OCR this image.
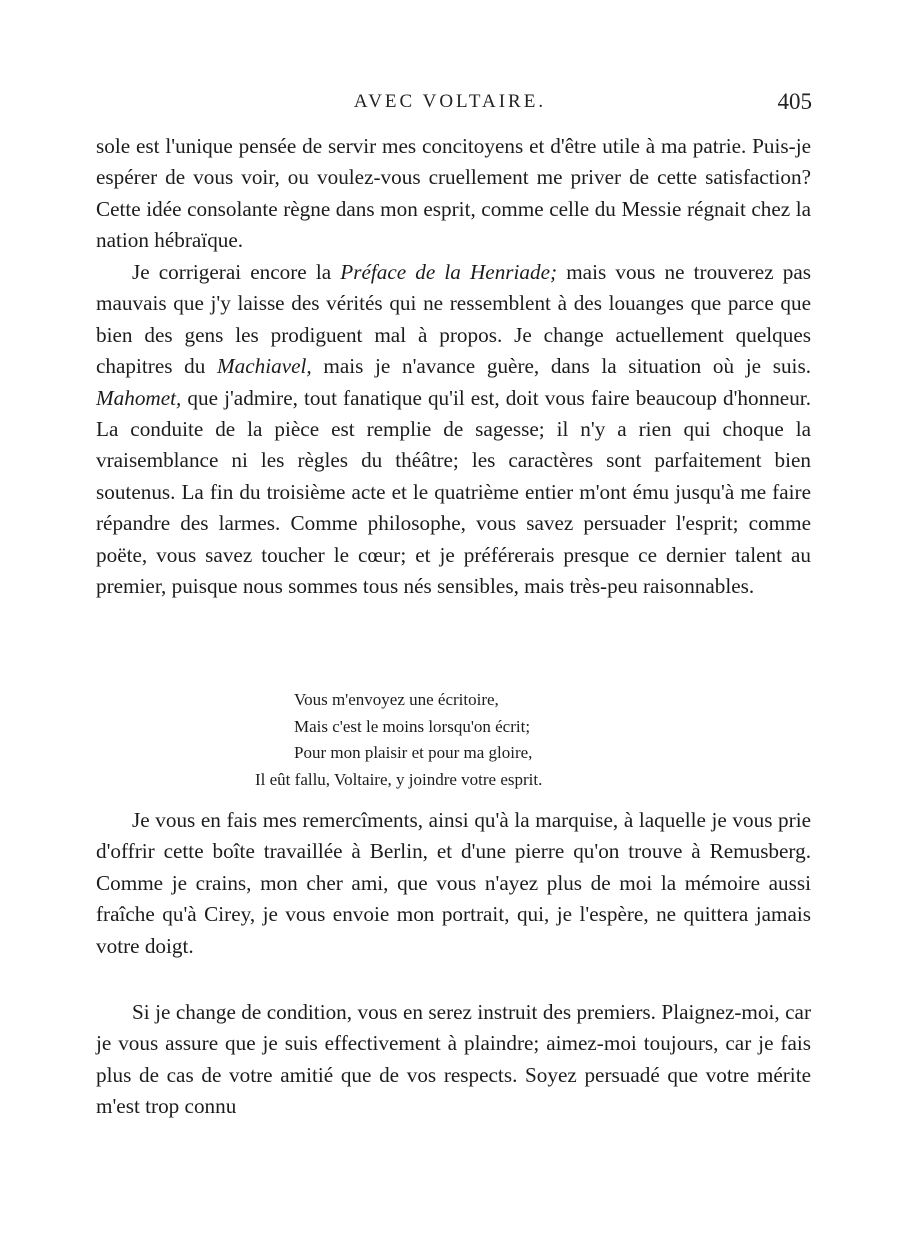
AVEC VOLTAIRE.	405

sole est l'unique pensée de servir mes concitoyens et d'être utile à ma patrie. Puis-je espérer de vous voir, ou voulez-vous cruellement me priver de cette satisfaction? Cette idée consolante règne dans mon esprit, comme celle du Messie régnait chez la nation hébraïque.

Je corrigerai encore la Préface de la Henriade; mais vous ne trouverez pas mauvais que j'y laisse des vérités qui ne ressemblent à des louanges que parce que bien des gens les prodiguent mal à propos. Je change actuellement quelques chapitres du Machiavel, mais je n'avance guère, dans la situation où je suis. Mahomet, que j'admire, tout fanatique qu'il est, doit vous faire beaucoup d'honneur. La conduite de la pièce est remplie de sagesse; il n'y a rien qui choque la vraisemblance ni les règles du théâtre; les caractères sont parfaitement bien soutenus. La fin du troisième acte et le quatrième entier m'ont ému jusqu'à me faire répandre des larmes. Comme philosophe, vous savez persuader l'esprit; comme poëte, vous savez toucher le cœur; et je préférerais presque ce dernier talent au premier, puisque nous sommes tous nés sensibles, mais très-peu raisonnables.

Vous m'envoyez une écritoire,
Mais c'est le moins lorsqu'on écrit;
Pour mon plaisir et pour ma gloire,
Il eût fallu, Voltaire, y joindre votre esprit.

Je vous en fais mes remercîments, ainsi qu'à la marquise, à laquelle je vous prie d'offrir cette boîte travaillée à Berlin, et d'une pierre qu'on trouve à Remusberg. Comme je crains, mon cher ami, que vous n'ayez plus de moi la mémoire aussi fraîche qu'à Cirey, je vous envoie mon portrait, qui, je l'espère, ne quittera jamais votre doigt.

Si je change de condition, vous en serez instruit des premiers. Plaignez-moi, car je vous assure que je suis effectivement à plaindre; aimez-moi toujours, car je fais plus de cas de votre amitié que de vos respects. Soyez persuadé que votre mérite m'est trop connu
